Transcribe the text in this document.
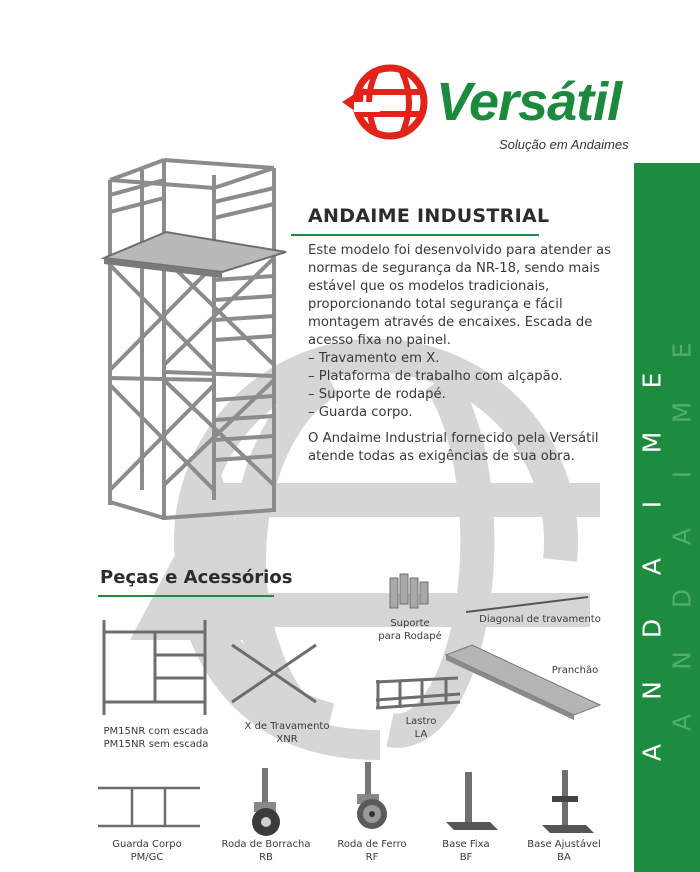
Versátil
Solução em Andaimes
A
N
D
A
I
M
E
A
N
D
A
I
M
E
ANDAIME INDUSTRIAL
Este modelo foi desenvolvido para atender as normas de segurança da NR-18, sendo mais estável que os modelos tradicionais, proporcionando total segurança e fácil montagem através de encaixes. Escada de acesso fixa no painel.
– Travamento em X.
– Plataforma de trabalho com alçapão.
– Suporte de rodapé.
– Guarda corpo.
O Andaime Industrial fornecido pela Versátil atende todas as exigências de sua obra.
Peças e Acessórios
Suporte
para Rodapé
Diagonal de travamento
Pranchão
PM15NR com escada
PM15NR sem escada
X de Travamento
XNR
Lastro
LA
Guarda Corpo
PM/GC
Roda de Borracha
RB
Roda de Ferro
RF
Base Fixa
BF
Base Ajustável
BA
